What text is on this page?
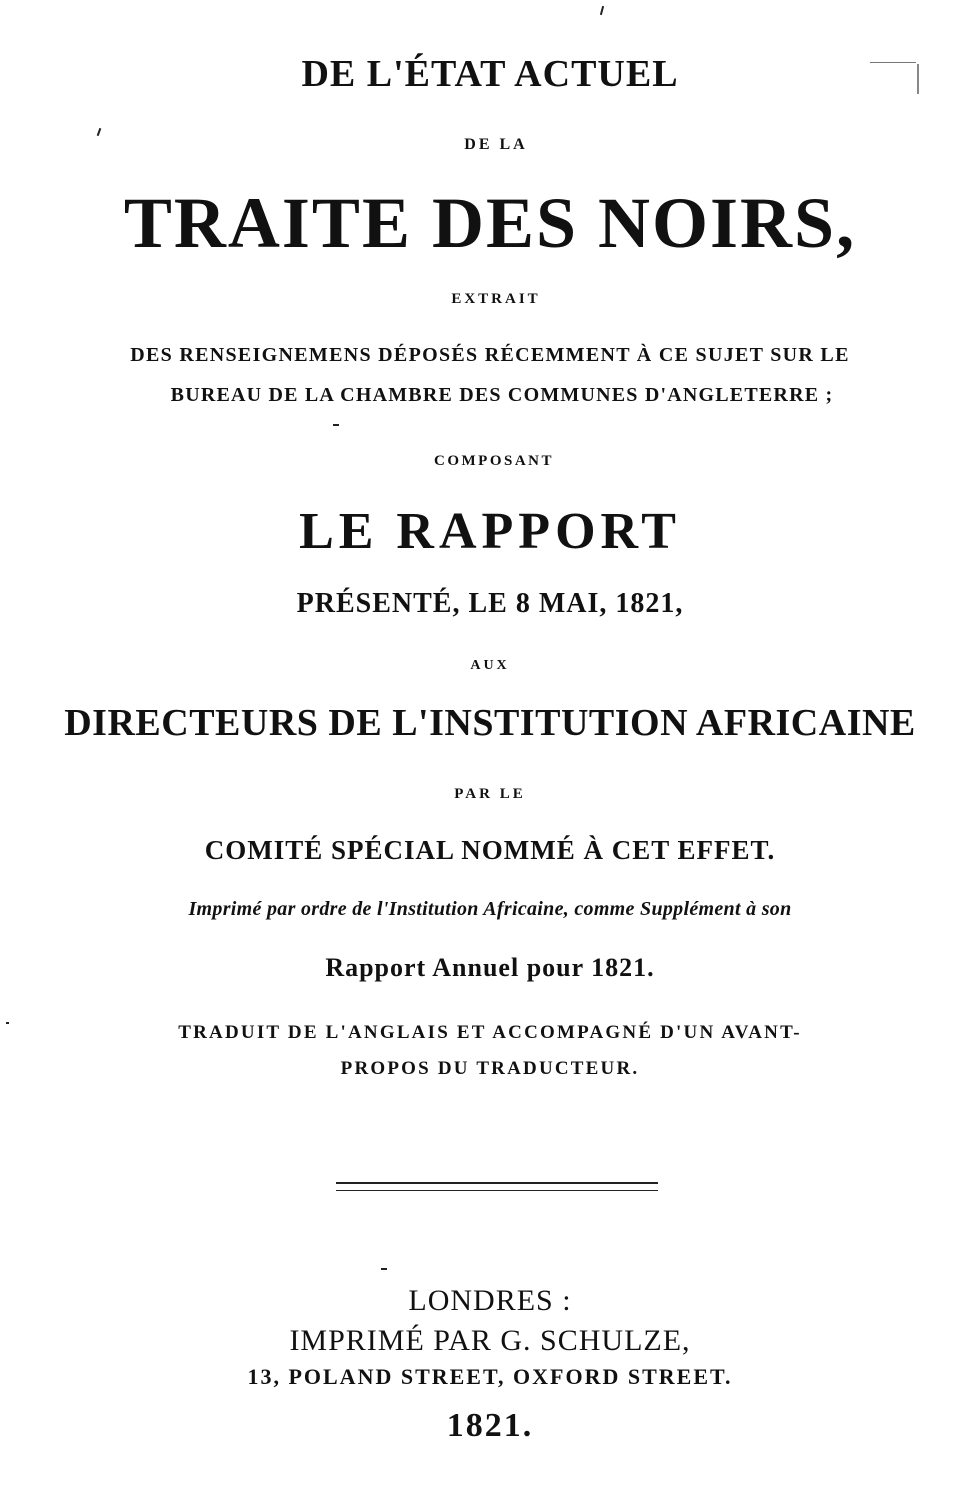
DE L'ÉTAT ACTUEL
DE LA
TRAITE DES NOIRS,
EXTRAIT
DES RENSEIGNEMENS DÉPOSÉS RÉCEMMENT À CE SUJET SUR LE
BUREAU DE LA CHAMBRE DES COMMUNES D'ANGLETERRE ;
COMPOSANT
LE RAPPORT
PRÉSENTÉ, LE 8 MAI, 1821,
AUX
DIRECTEURS DE L'INSTITUTION AFRICAINE
PAR LE
COMITÉ SPÉCIAL NOMMÉ À CET EFFET.
Imprimé par ordre de l'Institution Africaine, comme Supplément à son
Rapport Annuel pour 1821.
TRADUIT DE L'ANGLAIS ET ACCOMPAGNÉ D'UN AVANT-
PROPOS DU TRADUCTEUR.
LONDRES :
IMPRIMÉ PAR G. SCHULZE,
13, POLAND STREET, OXFORD STREET.
1821.
